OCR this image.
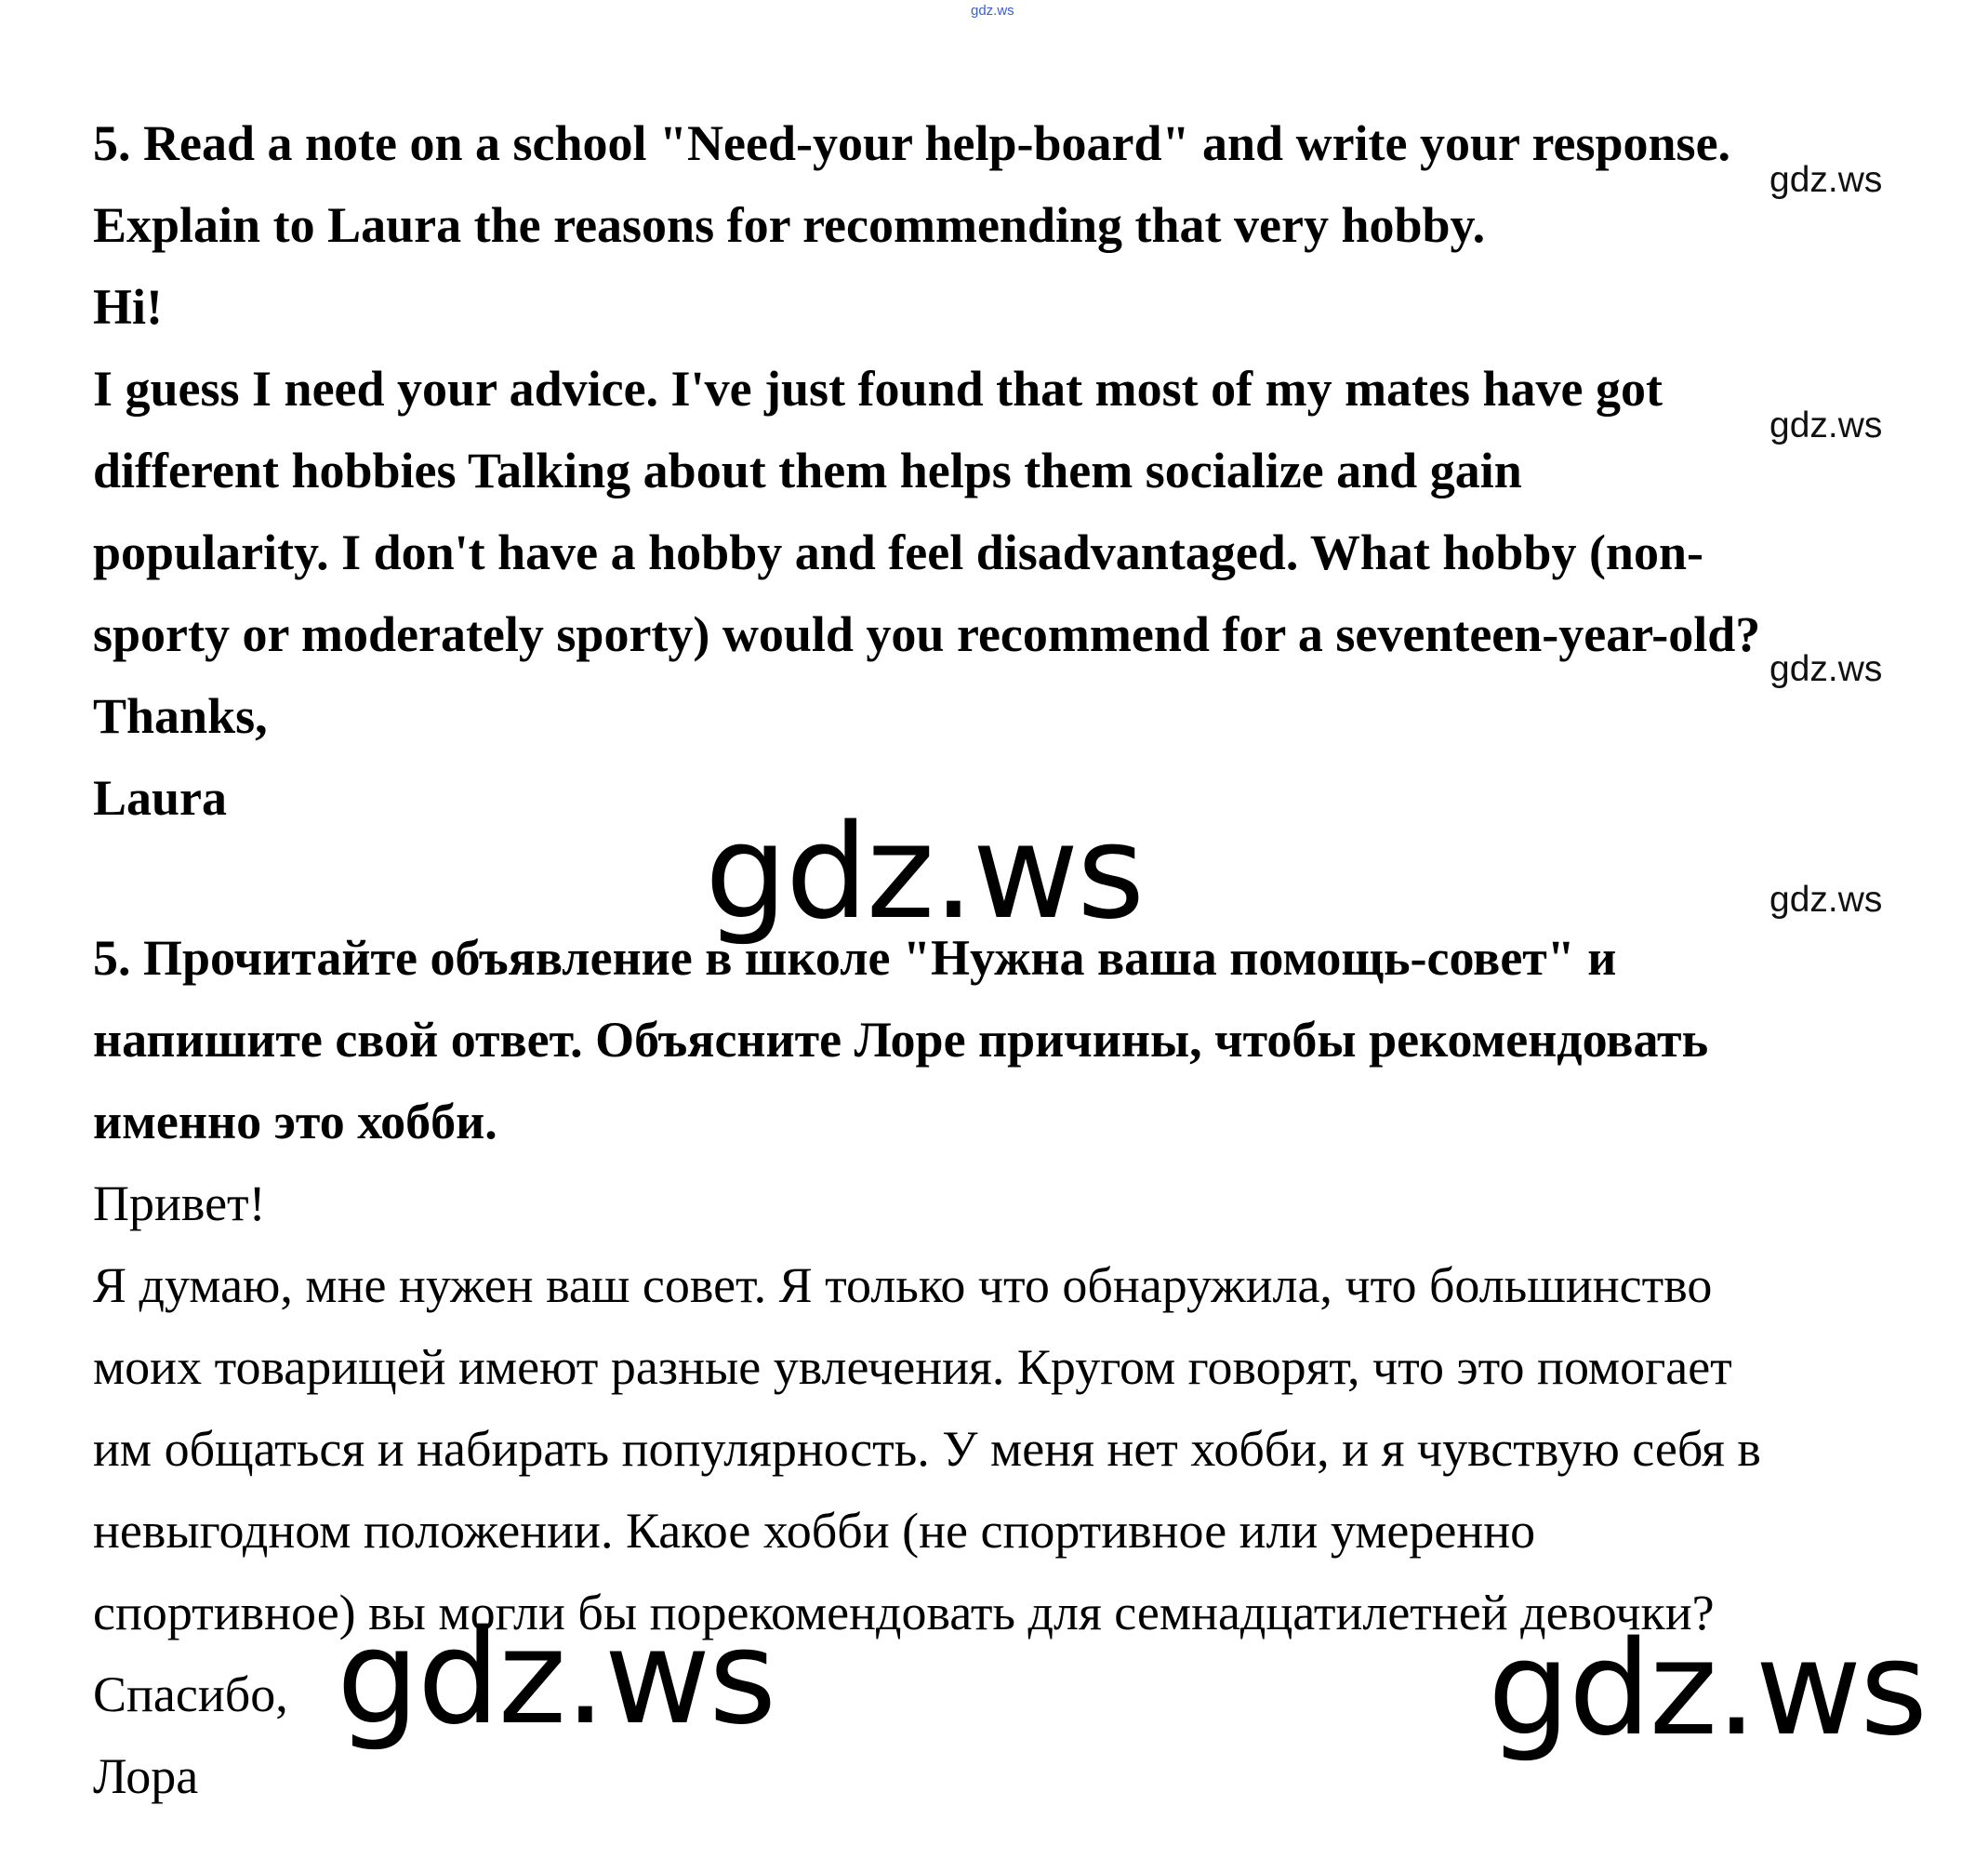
gdz.ws
5. Read a note on a school "Need-your help-board" and write your response.
Explain to Laura the reasons for recommending that very hobby.
Hi!
I guess I need your advice. I've just found that most of my mates have got
different hobbies Talking about them helps them socialize and gain
popularity. I don't have a hobby and feel disadvantaged. What hobby (non-
sporty or moderately sporty) would you recommend for a seventeen-year-old?
Thanks,
Laura
gdz.ws
gdz.ws
gdz.ws
gdz.ws
gdz.ws
5. Прочитайте объявление в школе "Нужна ваша помощь-совет" и
напишите свой ответ. Объясните Лоре причины, чтобы рекомендовать
именно это хобби.
Привет!
Я думаю, мне нужен ваш совет. Я только что обнаружила, что большинство
моих товарищей имеют разные увлечения. Кругом говорят, что это помогает
им общаться и набирать популярность. У меня нет хобби, и я чувствую себя в
невыгодном положении. Какое хобби (не спортивное или умеренно
спортивное) вы могли бы порекомендовать для семнадцатилетней девочки?
Спасибо,
Лора
gdz.ws	gdz.ws
